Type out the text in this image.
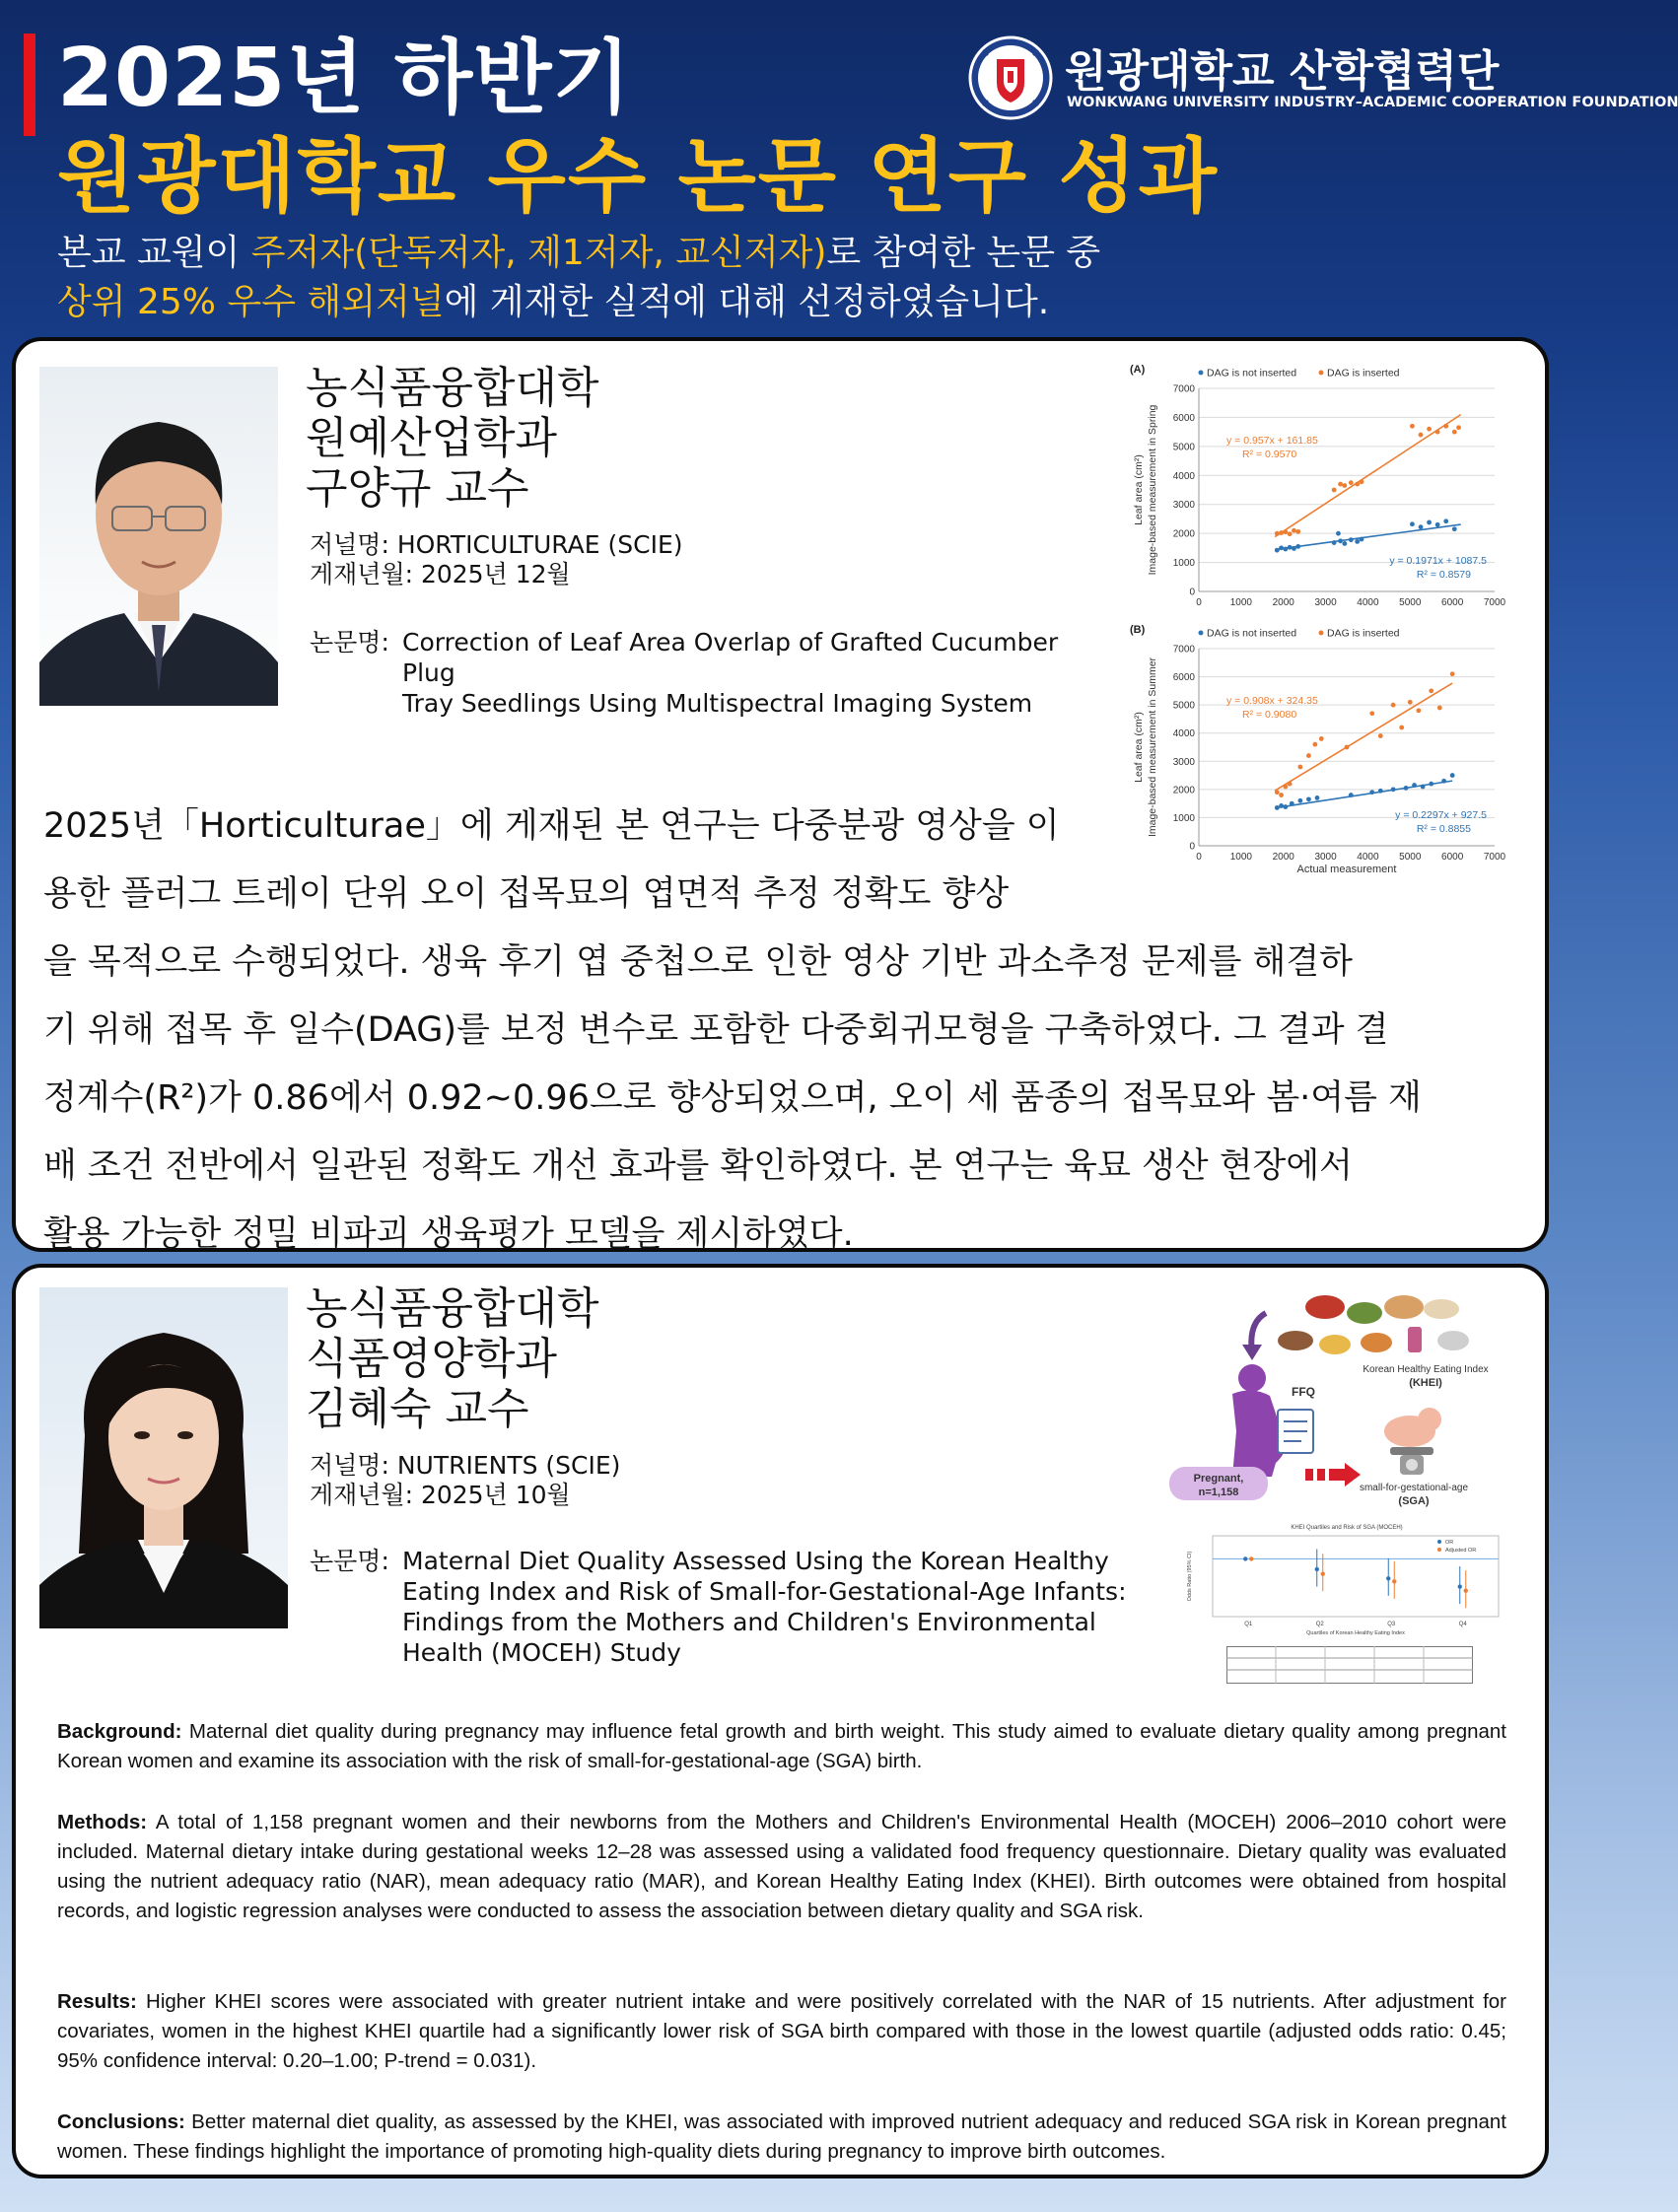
2025년 하반기
원광대학교 우수 논문 연구 성과
본교 교원이 주저자(단독저자, 제1저자, 교신저자)로 참여한 논문 중
상위 25% 우수 해외저널에 게재한 실적에 대해 선정하였습니다.
원광대학교 산학협력단
WONKWANG UNIVERSITY INDUSTRY–ACADEMIC COOPERATION FOUNDATION
농식품융합대학
원예산업학과
구양규 교수
저널명: HORTICULTURAE (SCIE)
게재년월: 2025년 12월
논문명: Correction of Leaf Area Overlap of Grafted Cucumber Plug
Tray Seedlings Using Multispectral Imaging System
(A)	DAG is not inserted	DAG is inserted
0
1000
2000
3000
4000
5000
6000
7000
0	1000 2000 3000 4000 5000 6000 7000
Leaf area (cm²) Image-based measurement in Spring	y = 0.957x + 161.85
R² = 0.9570
y = 0.1971x + 1087.5
R² = 0.8579
(B)	DAG is not inserted	DAG is inserted
0
1000
2000
3000
4000
5000
6000
7000
0	1000 2000 3000 4000 5000 6000 7000
Leaf area (cm²) Image-based measurement in Summer
Actual measurement
y = 0.908x + 324.35
R² = 0.9080
y = 0.2297x + 927.5
R² = 0.8855
2025년「Horticulturae」에 게재된 본 연구는 다중분광 영상을 이
용한 플러그 트레이 단위 오이 접목묘의 엽면적 추정 정확도 향상
을 목적으로 수행되었다. 생육 후기 엽 중첩으로 인한 영상 기반 과소추정 문제를 해결하
기 위해 접목 후 일수(DAG)를 보정 변수로 포함한 다중회귀모형을 구축하였다. 그 결과 결
정계수(R²)가 0.86에서 0.92~0.96으로 향상되었으며, 오이 세 품종의 접목묘와 봄·여름 재
배 조건 전반에서 일관된 정확도 개선 효과를 확인하였다. 본 연구는 육묘 생산 현장에서
활용 가능한 정밀 비파괴 생육평가 모델을 제시하였다.
농식품융합대학
식품영양학과
김혜숙 교수
저널명: NUTRIENTS (SCIE)
게재년월: 2025년 10월
논문명: Maternal Diet Quality Assessed Using the Korean Healthy
Eating Index and Risk of Small-for-Gestational-Age Infants:
Findings from the Mothers and Children's Environmental
Health (MOCEH) Study
FFQ
Korean Healthy Eating Index
(KHEI)
Pregnant,
n=1,158	small-for-gestational-age
(SGA)
KHEI Quartiles and Risk of SGA (MOCEH)
Q1	Q2	Q3	Q4
OR
Adjusted OR
Quartiles of Korean Healthy Eating Index
Odds Ratio (95% CI)
Background: Maternal diet quality during pregnancy may influence fetal growth and birth weight. This study aimed to evaluate dietary quality among pregnant Korean women and examine its association with the risk of small-for-gestational-age (SGA) birth.
Methods: A total of 1,158 pregnant women and their newborns from the Mothers and Children's Environmental Health (MOCEH) 2006–2010 cohort were included. Maternal dietary intake during gestational weeks 12–28 was assessed using a validated food frequency questionnaire. Dietary quality was evaluated using the nutrient adequacy ratio (NAR), mean adequacy ratio (MAR), and Korean Healthy Eating Index (KHEI). Birth outcomes were obtained from hospital records, and logistic regression analyses were conducted to assess the association between dietary quality and SGA risk.
Results: Higher KHEI scores were associated with greater nutrient intake and were positively correlated with the NAR of 15 nutrients. After adjustment for covariates, women in the highest KHEI quartile had a significantly lower risk of SGA birth compared with those in the lowest quartile (adjusted odds ratio: 0.45; 95% confidence interval: 0.20–1.00; P-trend = 0.031).
Conclusions: Better maternal diet quality, as assessed by the KHEI, was associated with improved nutrient adequacy and reduced SGA risk in Korean pregnant women. These findings highlight the importance of promoting high-quality diets during pregnancy to improve birth outcomes.
